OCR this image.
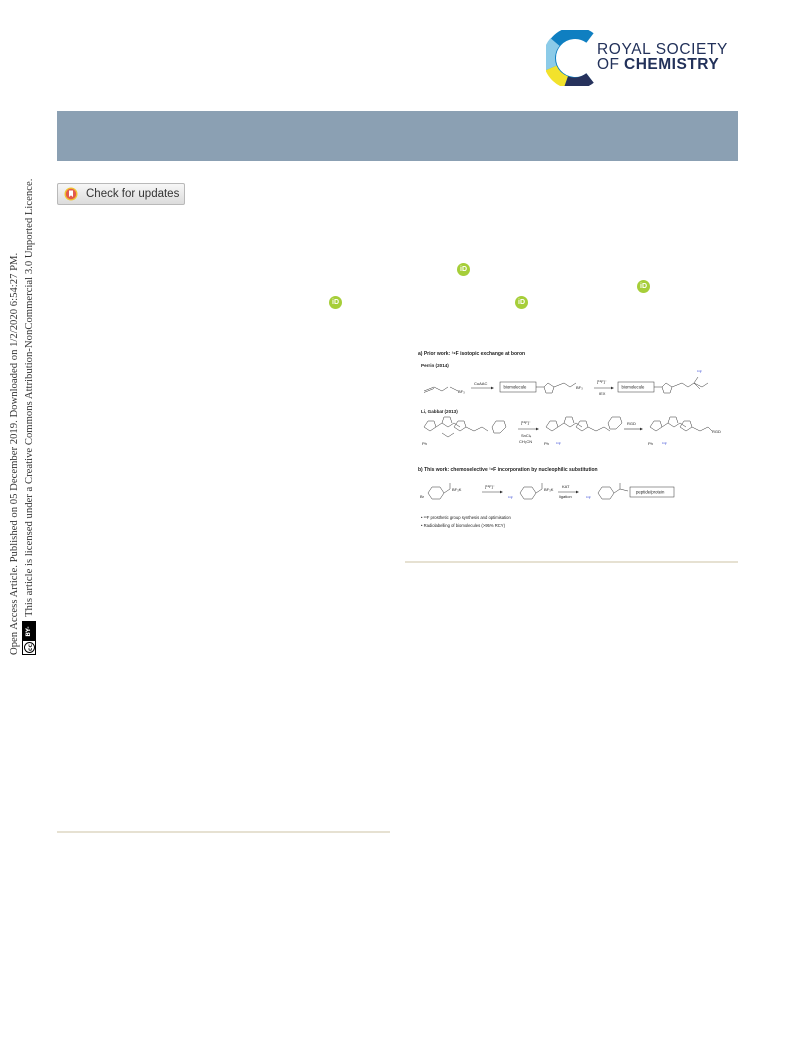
ROYAL SOCIETY
OF CHEMISTRY
Check for updates
Open Access Article. Published on 05 December 2019. Downloaded on 1/2/2020 6:54:27 PM.	cc
BY-NC
This article is licensed under a Creative Commons Attribution-NonCommercial 3.0 Unported Licence.	iD
iD
iD	iD
a) Prior work: ¹⁸F isotopic exchange at boron
Perrin (2014)
BF₃
CuAAC
biomolecule	BF₃
[¹⁸F]⁻
IEX
biomolecule
¹⁸F
Li, Gabbaï (2013)
Ph
[¹⁸F]⁻
SnCl₄
CH₃CN	Ph ¹⁸F
RGD
Ph	¹⁸F
RGD
b) This work: chemoselective ¹⁸F incorporation by nucleophilic substitution
Br
BF₃K
[¹⁸F]⁻
¹⁸F
BF₃K
KAT
ligation	¹⁸F
peptide/protein
• ¹⁸F prosthetic group synthesis and optimisation
• Radiolabelling of biomolecules (>95% RCY)
